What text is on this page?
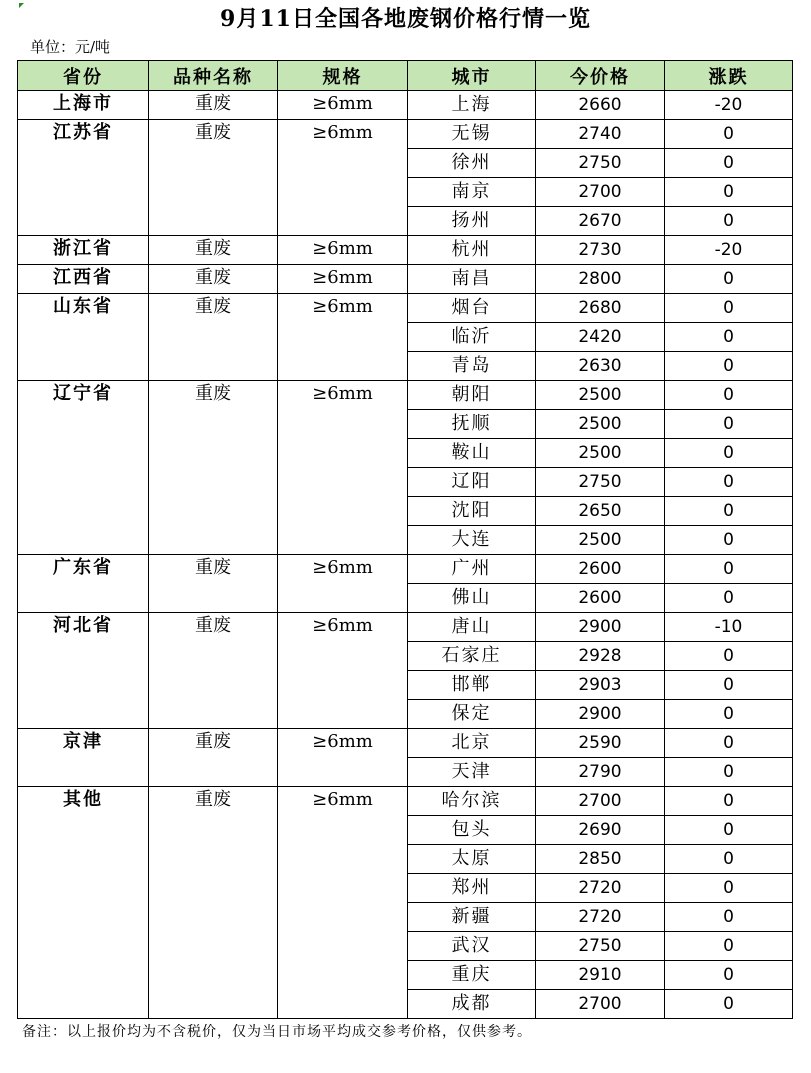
9月11日全国各地废钢价格行情一览
单位：元/吨
省份	品种名称	规格	城市	今价格	涨跌
上海市	重废	≥6mm	上海	2660	-20
江苏省	重废	≥6mm	无锡	2740	0
			徐州	2750	0
			南京	2700	0
			扬州	2670	0
浙江省	重废	≥6mm	杭州	2730	-20
江西省	重废	≥6mm	南昌	2800	0
山东省	重废	≥6mm	烟台	2680	0
			临沂	2420	0
			青岛	2630	0
辽宁省	重废	≥6mm	朝阳	2500	0
			抚顺	2500	0
			鞍山	2500	0
			辽阳	2750	0
			沈阳	2650	0
			大连	2500	0
广东省	重废	≥6mm	广州	2600	0
			佛山	2600	0
河北省	重废	≥6mm	唐山	2900	-10
			石家庄	2928	0
			邯郸	2903	0
			保定	2900	0
京津	重废	≥6mm	北京	2590	0
			天津	2790	0
其他	重废	≥6mm	哈尔滨	2700	0
			包头	2690	0
			太原	2850	0
			郑州	2720	0
			新疆	2720	0
			武汉	2750	0
			重庆	2910	0
			成都	2700	0
备注：以上报价均为不含税价，仅为当日市场平均成交参考价格，仅供参考。
